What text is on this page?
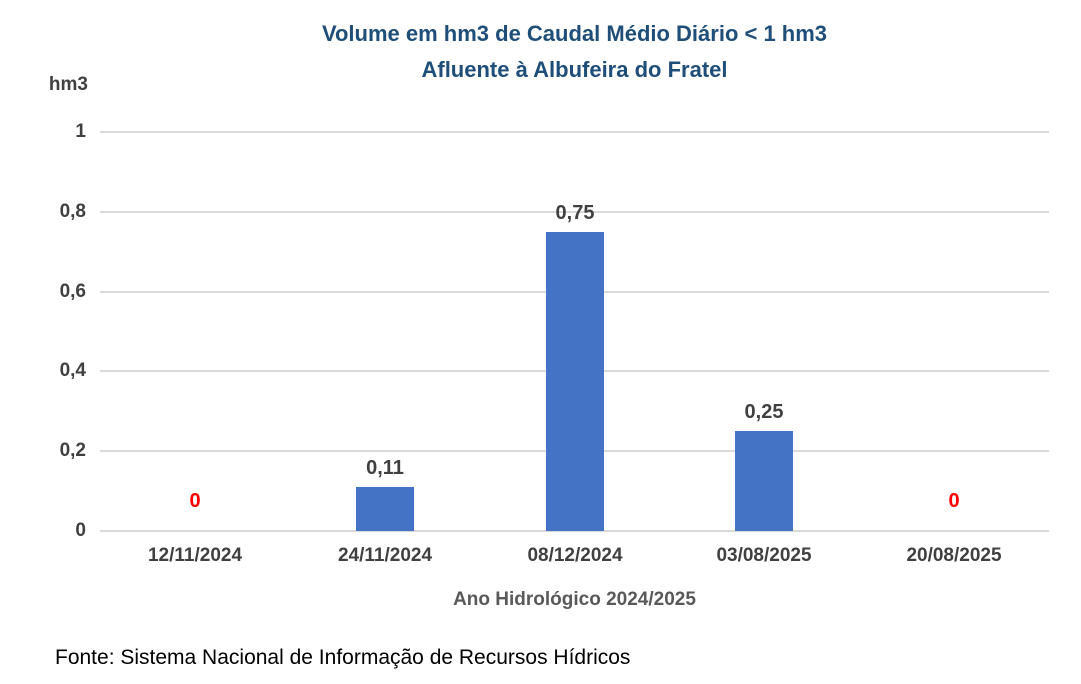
Volume em hm3 de Caudal Médio Diário < 1 hm3
Afluente à Albufeira do Fratel
hm3
0
0,11
0,75
0,25
0
0
0,2
0,4
0,6
0,8
1
12/11/2024	24/11/2024	08/12/2024	03/08/2025	20/08/2025
Ano Hidrológico 2024/2025
Fonte: Sistema Nacional de Informação de Recursos Hídricos
